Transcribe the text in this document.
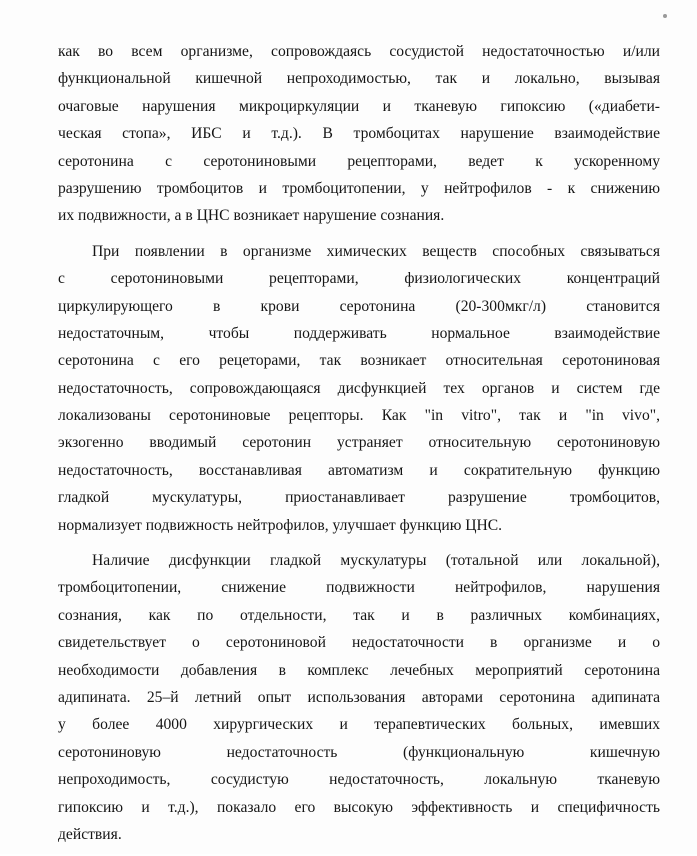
как во всем организме, сопровождаясь сосудистой недостаточностью и/или
функциональной кишечной непроходимостью, так и локально, вызывая
очаговые нарушения микроциркуляции и тканевую гипоксию («диабети-
ческая стопа», ИБС и т.д.). В тромбоцитах нарушение взаимодействие
серотонина с серотониновыми рецепторами, ведет к ускоренному
разрушению тромбоцитов и тромбоцитопении, у нейтрофилов - к снижению
их подвижности, а в ЦНС возникает нарушение сознания.
При появлении в организме химических веществ способных связываться
с серотониновыми рецепторами, физиологических концентраций
циркулирующего в крови серотонина (20-300мкг/л) становится
недостаточным, чтобы поддерживать нормальное взаимодействие
серотонина с его рецеторами, так возникает относительная серотониновая
недостаточность, сопровождающаяся дисфункцией тех органов и систем где
локализованы серотониновые рецепторы. Как "in vitro", так и "in vivo",
экзогенно вводимый серотонин устраняет относительную серотониновую
недостаточность, восстанавливая автоматизм и сократительную функцию
гладкой мускулатуры, приостанавливает разрушение тромбоцитов,
нормализует подвижность нейтрофилов, улучшает функцию ЦНС.
Наличие дисфункции гладкой мускулатуры (тотальной или локальной),
тромбоцитопении, снижение подвижности нейтрофилов, нарушения
сознания, как по отдельности, так и в различных комбинациях,
свидетельствует о серотониновой недостаточности в организме и о
необходимости добавления в комплекс лечебных мероприятий серотонина
адипината. 25–й летний опыт использования авторами серотонина адипината
у более 4000 хирургических и терапевтических больных, имевших
серотониновую недостаточность (функциональную кишечную
непроходимость, сосудистую недостаточность, локальную тканевую
гипоксию и т.д.), показало его высокую эффективность и специфичность
действия.
